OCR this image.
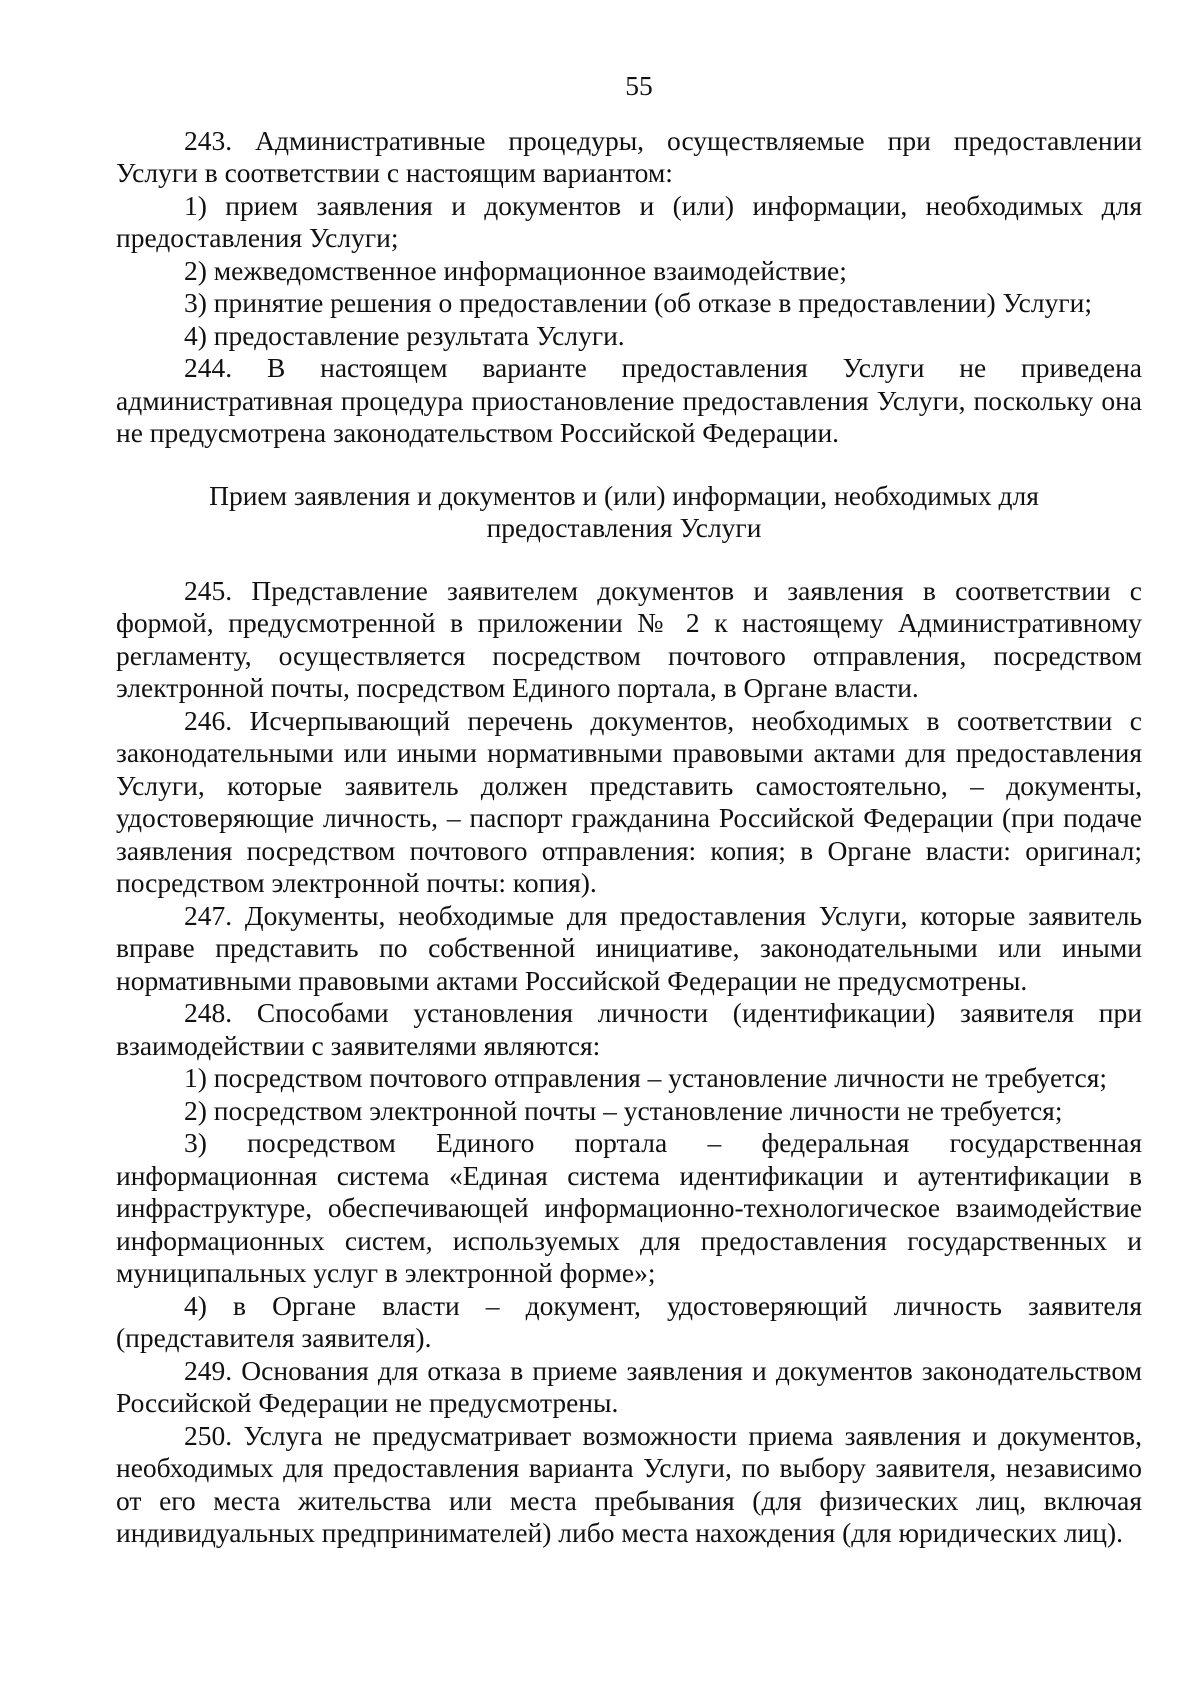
55

243. Административные процедуры, осуществляемые при предоставлении Услуги в соответствии с настоящим вариантом:

1) прием заявления и документов и (или) информации, необходимых для предоставления Услуги;

2) межведомственное информационное взаимодействие;

3) принятие решения о предоставлении (об отказе в предоставлении) Услуги;

4) предоставление результата Услуги.

244. В настоящем варианте предоставления Услуги не приведена административная процедура приостановление предоставления Услуги, поскольку она не предусмотрена законодательством Российской Федерации.

Прием заявления и документов и (или) информации, необходимых для
предоставления Услуги

245. Представление заявителем документов и заявления в соответствии с формой, предусмотренной в приложении № 2 к настоящему Административному регламенту, осуществляется посредством почтового отправления, посредством электронной почты, посредством Единого портала, в Органе власти.

246. Исчерпывающий перечень документов, необходимых в соответствии с законодательными или иными нормативными правовыми актами для предоставления Услуги, которые заявитель должен представить самостоятельно, – документы, удостоверяющие личность, – паспорт гражданина Российской Федерации (при подаче заявления посредством почтового отправления: копия; в Органе власти: оригинал; посредством электронной почты: копия).

247. Документы, необходимые для предоставления Услуги, которые заявитель вправе представить по собственной инициативе, законодательными или иными нормативными правовыми актами Российской Федерации не предусмотрены.

248. Способами установления личности (идентификации) заявителя при взаимодействии с заявителями являются:

1) посредством почтового отправления – установление личности не требуется;

2) посредством электронной почты – установление личности не требуется;

3) посредством Единого портала – федеральная государственная информационная система «Единая система идентификации и аутентификации в инфраструктуре, обеспечивающей информационно-технологическое взаимодействие информационных систем, используемых для предоставления государственных и муниципальных услуг в электронной форме»;

4) в Органе власти – документ, удостоверяющий личность заявителя (представителя заявителя).

249. Основания для отказа в приеме заявления и документов законодательством Российской Федерации не предусмотрены.

250. Услуга не предусматривает возможности приема заявления и документов, необходимых для предоставления варианта Услуги, по выбору заявителя, независимо от его места жительства или места пребывания (для физических лиц, включая индивидуальных предпринимателей) либо места нахождения (для юридических лиц).
